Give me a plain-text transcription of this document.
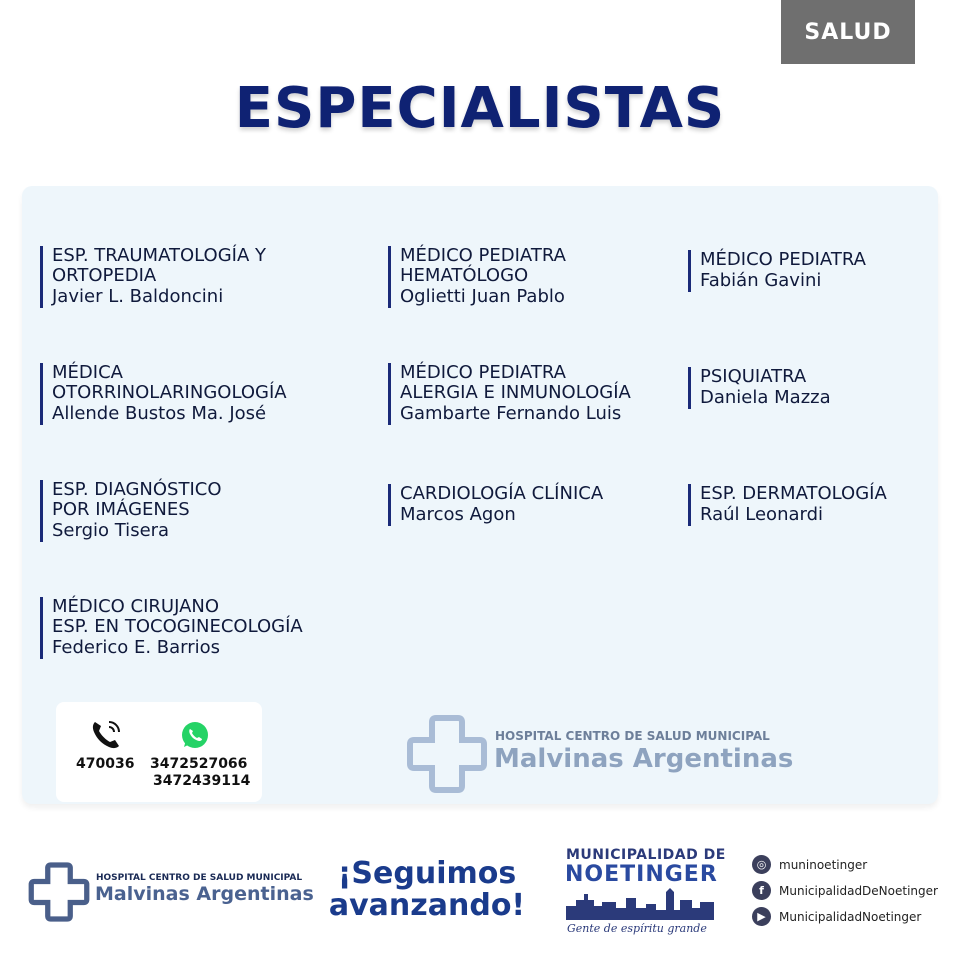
SALUD
ESPECIALISTAS
ESP. TRAUMATOLOGÍA Y
ORTOPEDIA
Javier L. Baldoncini
MÉDICA
OTORRINOLARINGOLOGÍA
Allende Bustos Ma. José
ESP. DIAGNÓSTICO
POR IMÁGENES
Sergio Tisera
MÉDICO CIRUJANO
ESP. EN TOCOGINECOLOGÍA
Federico E. Barrios
MÉDICO PEDIATRA
HEMATÓLOGO
Oglietti Juan Pablo
MÉDICO PEDIATRA
ALERGIA E INMUNOLOGÍA
Gambarte Fernando Luis
CARDIOLOGÍA CLÍNICA
Marcos Agon
MÉDICO PEDIATRA
Fabián Gavini
PSIQUIATRA
Daniela Mazza
ESP. DERMATOLOGÍA
Raúl Leonardi
470036 3472527066
3472439114
HOSPITAL CENTRO DE SALUD MUNICIPAL
Malvinas Argentinas
HOSPITAL CENTRO DE SALUD MUNICIPAL
Malvinas Argentinas
¡Seguimos
avanzando!
MUNICIPALIDAD DE
NOETINGER
Gente de espíritu grande
◎	muninoetinger
f	MunicipalidadDeNoetinger
▶	MunicipalidadNoetinger
